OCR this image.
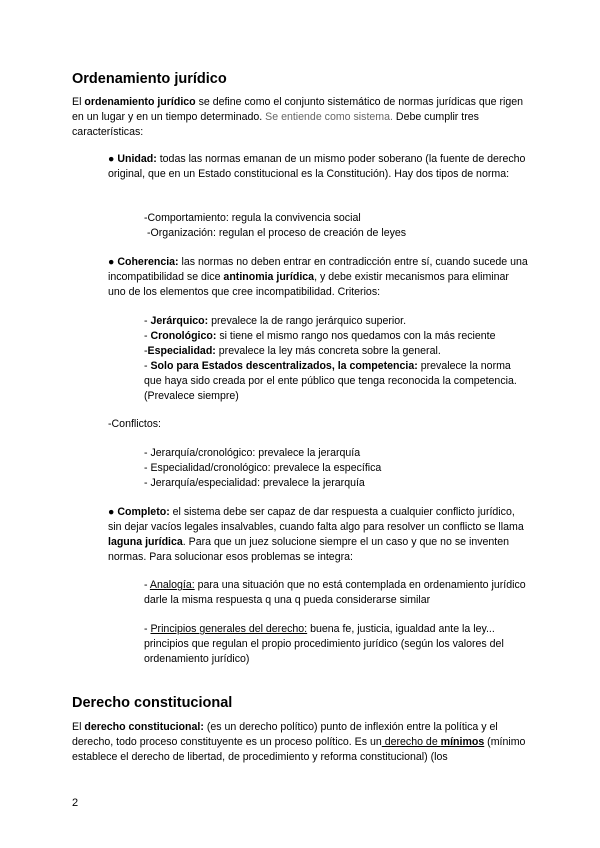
Ordenamiento jurídico

El ordenamiento jurídico se define como el conjunto sistemático de normas jurídicas que rigen en un lugar y en un tiempo determinado. Se entiende como sistema. Debe cumplir tres características:

● Unidad: todas las normas emanan de un mismo poder soberano (la fuente de derecho original, que en un Estado constitucional es la Constitución). Hay dos tipos de norma:

-Comportamiento: regula la convivencia social

-Organización: regulan el proceso de creación de leyes

● Coherencia: las normas no deben entrar en contradicción entre sí, cuando sucede una incompatibilidad se dice antinomia jurídica, y debe existir mecanismos para eliminar uno de los elementos que cree incompatibilidad. Criterios:

- Jerárquico: prevalece la de rango jerárquico superior.

- Cronológico: si tiene el mismo rango nos quedamos con la más reciente

-Especialidad: prevalece la ley más concreta sobre la general.

- Solo para Estados descentralizados, la competencia: prevalece la norma que haya sido creada por el ente público que tenga reconocida la competencia. (Prevalece siempre)

-Conflictos:

- Jerarquía/cronológico: prevalece la jerarquía

- Especialidad/cronológico: prevalece la específica

- Jerarquía/especialidad: prevalece la jerarquía

● Completo: el sistema debe ser capaz de dar respuesta a cualquier conflicto jurídico, sin dejar vacíos legales insalvables, cuando falta algo para resolver un conflicto se llama laguna jurídica. Para que un juez solucione siempre el un caso y que no se inventen normas. Para solucionar esos problemas se integra:

- Analogía: para una situación que no está contemplada en ordenamiento jurídico darle la misma respuesta q una q pueda considerarse similar

- Principios generales del derecho: buena fe, justicia, igualdad ante la ley... principios que regulan el propio procedimiento jurídico (según los valores del ordenamiento jurídico)

Derecho constitucional

El derecho constitucional: (es un derecho político) punto de inflexión entre la política y el derecho, todo proceso constituyente es un proceso político. Es un derecho de mínimos (mínimo establece el derecho de libertad, de procedimiento y reforma constitucional) (los

2
